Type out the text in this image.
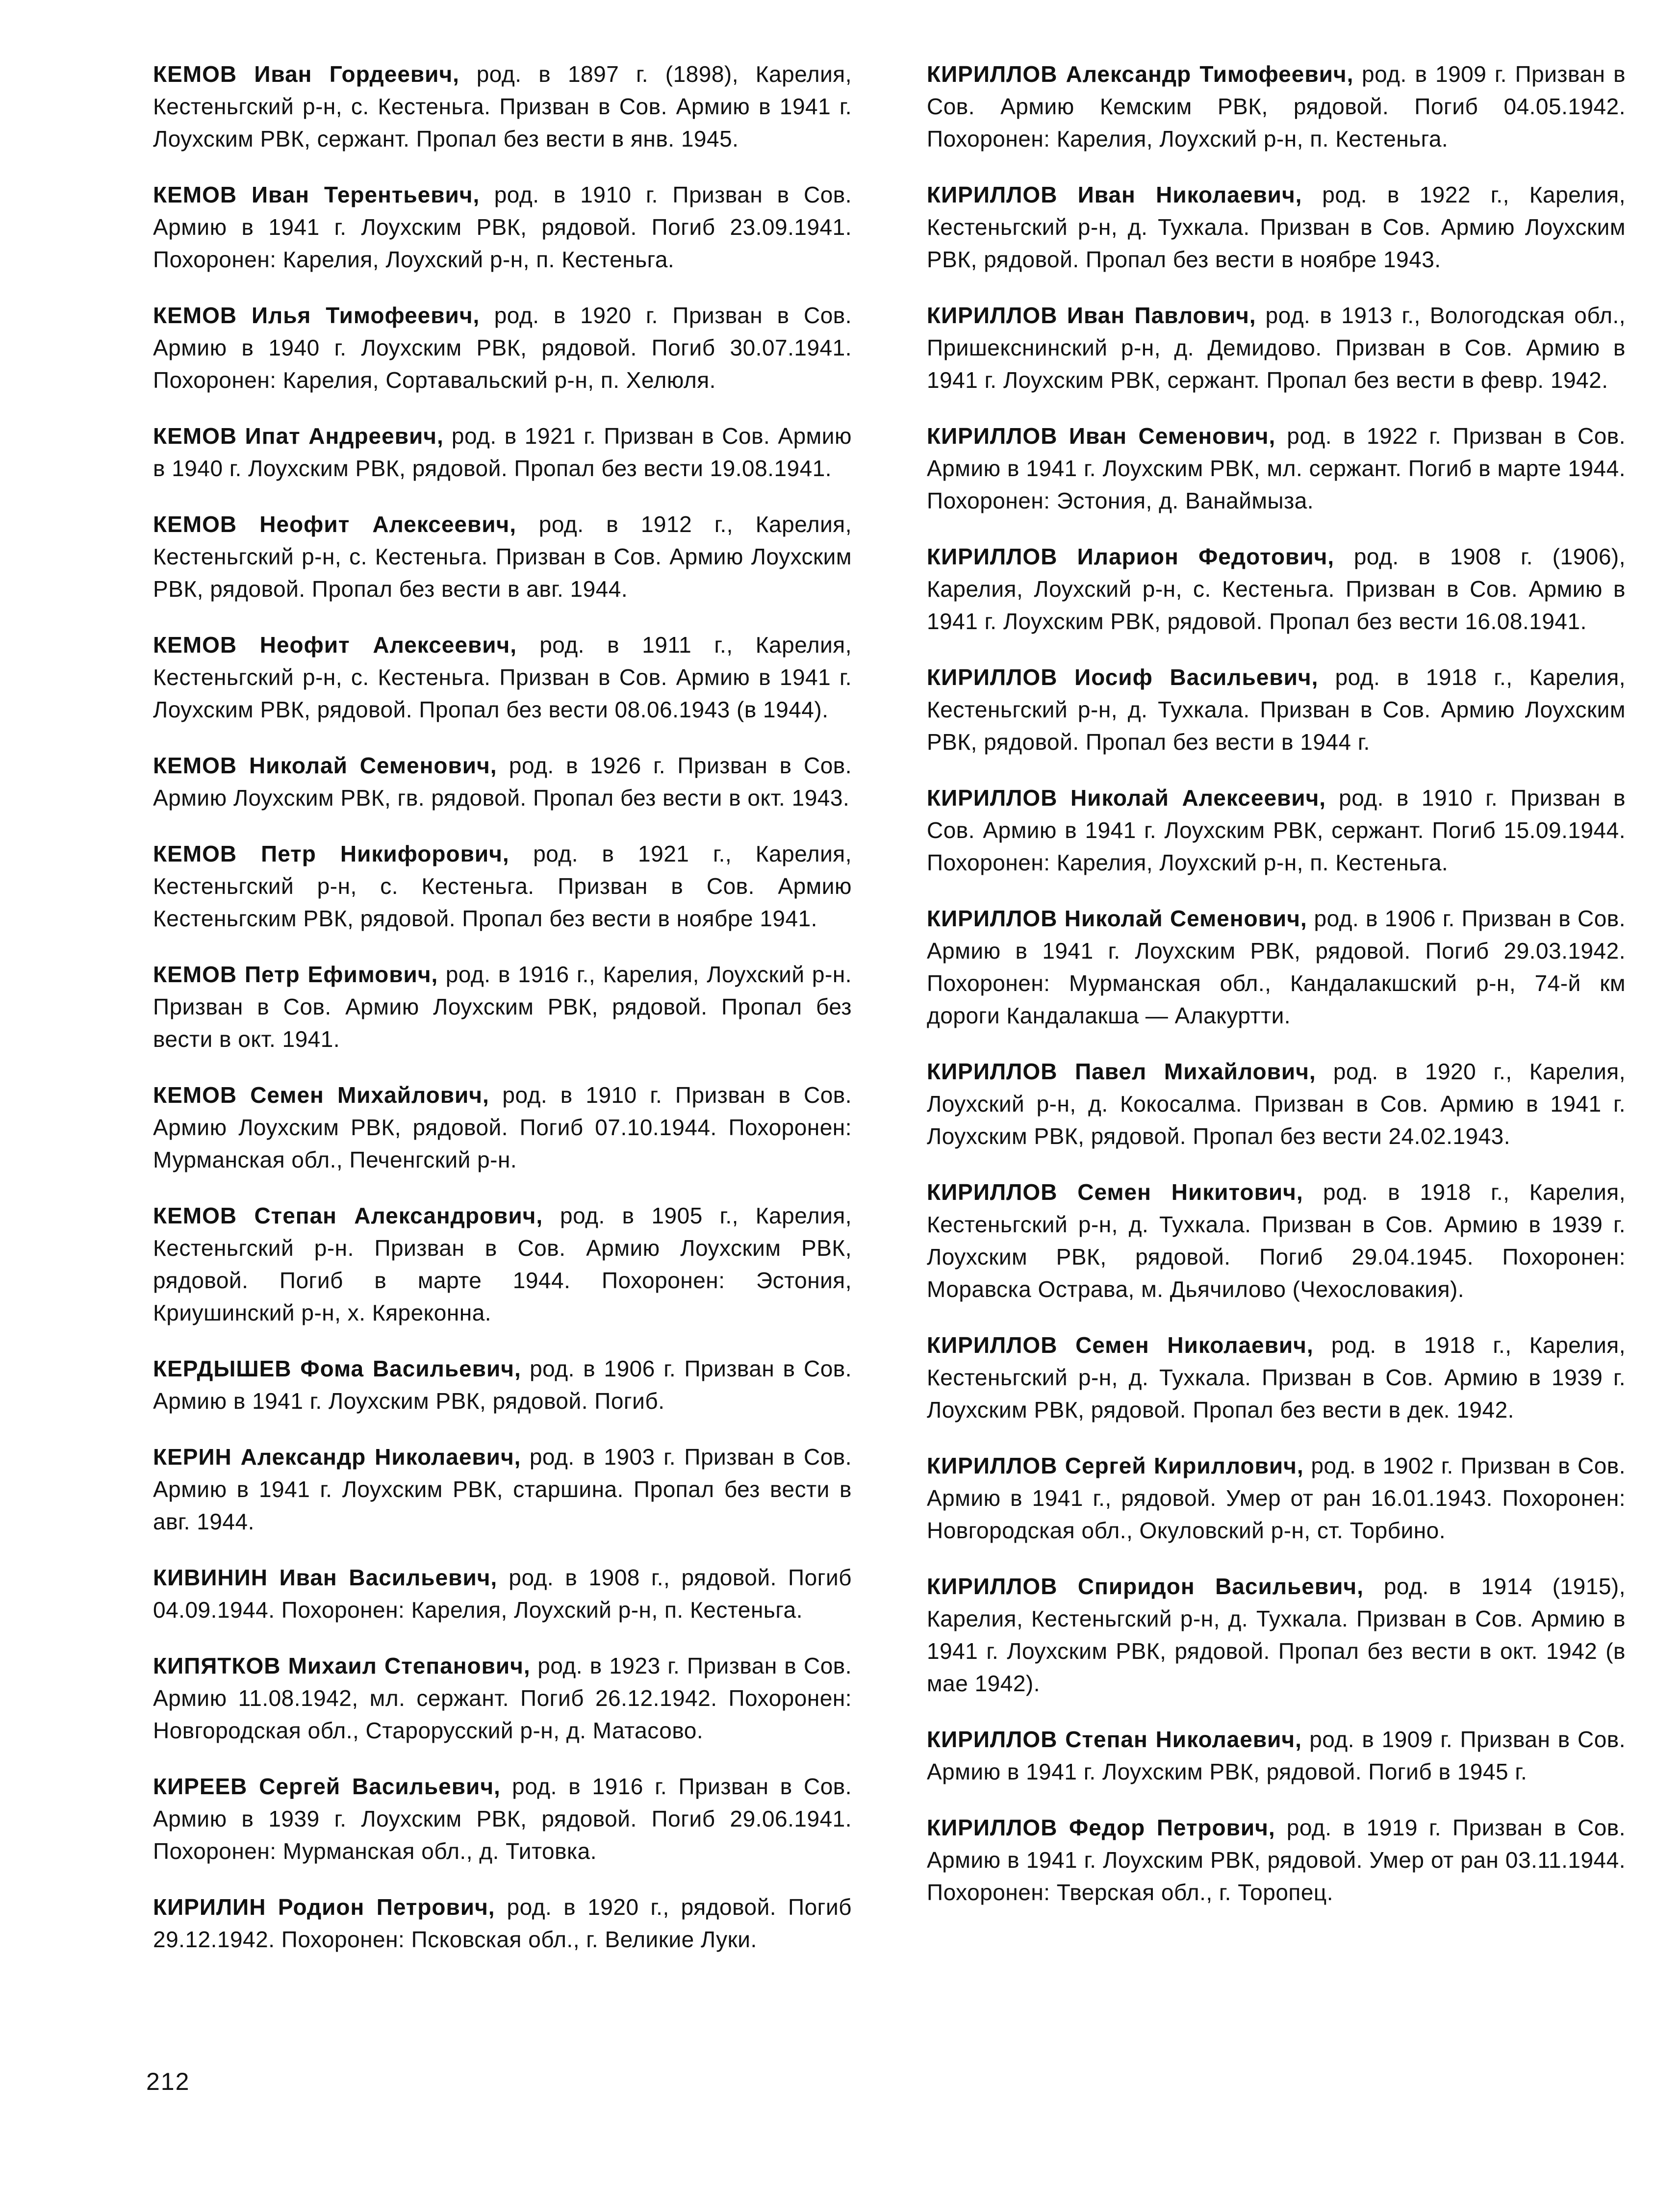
КЕМОВ Иван Гордеевич, род. в 1897 г. (1898), Карелия, Кестеньгский р-н, с. Кестеньга. Призван в Сов. Армию в 1941 г. Лоухским РВК, сержант. Пропал без вести в янв. 1945.

КЕМОВ Иван Терентьевич, род. в 1910 г. Призван в Сов. Армию в 1941 г. Лоухским РВК, рядовой. Погиб 23.09.1941. Похоронен: Карелия, Лоухский р-н, п. Кестеньга.

КЕМОВ Илья Тимофеевич, род. в 1920 г. Призван в Сов. Армию в 1940 г. Лоухским РВК, рядовой. Погиб 30.07.1941. Похоронен: Карелия, Сортавальский р-н, п. Хелюля.

КЕМОВ Ипат Андреевич, род. в 1921 г. Призван в Сов. Армию в 1940 г. Лоухским РВК, рядовой. Пропал без вести 19.08.1941.

КЕМОВ Неофит Алексеевич, род. в 1912 г., Карелия, Кестеньгский р-н, с. Кестеньга. Призван в Сов. Армию Лоухским РВК, рядовой. Пропал без вести в авг. 1944.

КЕМОВ Неофит Алексеевич, род. в 1911 г., Карелия, Кестеньгский р-н, с. Кестеньга. Призван в Сов. Армию в 1941 г. Лоухским РВК, рядовой. Пропал без вести 08.06.1943 (в 1944).

КЕМОВ Николай Семенович, род. в 1926 г. Призван в Сов. Армию Лоухским РВК, гв. рядовой. Пропал без вести в окт. 1943.

КЕМОВ Петр Никифорович, род. в 1921 г., Карелия, Кестеньгский р-н, с. Кестеньга. Призван в Сов. Армию Кестеньгским РВК, рядовой. Пропал без вести в ноябре 1941.

КЕМОВ Петр Ефимович, род. в 1916 г., Карелия, Лоухский р-н. Призван в Сов. Армию Лоухским РВК, рядовой. Пропал без вести в окт. 1941.

КЕМОВ Семен Михайлович, род. в 1910 г. Призван в Сов. Армию Лоухским РВК, рядовой. Погиб 07.10.1944. Похоронен: Мурманская обл., Печенгский р-н.

КЕМОВ Степан Александрович, род. в 1905 г., Карелия, Кестеньгский р-н. Призван в Сов. Армию Лоухским РВК, рядовой. Погиб в марте 1944. Похоронен: Эстония, Криушинский р-н, х. Кяреконна.

КЕРДЫШЕВ Фома Васильевич, род. в 1906 г. Призван в Сов. Армию в 1941 г. Лоухским РВК, рядовой. Погиб.

КЕРИН Александр Николаевич, род. в 1903 г. Призван в Сов. Армию в 1941 г. Лоухским РВК, старшина. Пропал без вести в авг. 1944.

КИВИНИН Иван Васильевич, род. в 1908 г., рядовой. Погиб 04.09.1944. Похоронен: Карелия, Лоухский р-н, п. Кестеньга.

КИПЯТКОВ Михаил Степанович, род. в 1923 г. Призван в Сов. Армию 11.08.1942, мл. сержант. Погиб 26.12.1942. Похоронен: Новгородская обл., Старорусский р-н, д. Матасово.

КИРЕЕВ Сергей Васильевич, род. в 1916 г. Призван в Сов. Армию в 1939 г. Лоухским РВК, рядовой. Погиб 29.06.1941. Похоронен: Мурманская обл., д. Титовка.

КИРИЛИН Родион Петрович, род. в 1920 г., рядовой. Погиб 29.12.1942. Похоронен: Псковская обл., г. Великие Луки.

КИРИЛЛОВ Александр Тимофеевич, род. в 1909 г. Призван в Сов. Армию Кемским РВК, рядовой. Погиб 04.05.1942. Похоронен: Карелия, Лоухский р-н, п. Кестеньга.

КИРИЛЛОВ Иван Николаевич, род. в 1922 г., Карелия, Кестеньгский р-н, д. Тухкала. Призван в Сов. Армию Лоухским РВК, рядовой. Пропал без вести в ноябре 1943.

КИРИЛЛОВ Иван Павлович, род. в 1913 г., Вологодская обл., Пришекснинский р-н, д. Демидово. Призван в Сов. Армию в 1941 г. Лоухским РВК, сержант. Пропал без вести в февр. 1942.

КИРИЛЛОВ Иван Семенович, род. в 1922 г. Призван в Сов. Армию в 1941 г. Лоухским РВК, мл. сержант. Погиб в марте 1944. Похоронен: Эстония, д. Ванаймыза.

КИРИЛЛОВ Иларион Федотович, род. в 1908 г. (1906), Карелия, Лоухский р-н, с. Кестеньга. Призван в Сов. Армию в 1941 г. Лоухским РВК, рядовой. Пропал без вести 16.08.1941.

КИРИЛЛОВ Иосиф Васильевич, род. в 1918 г., Карелия, Кестеньгский р-н, д. Тухкала. Призван в Сов. Армию Лоухским РВК, рядовой. Пропал без вести в 1944 г.

КИРИЛЛОВ Николай Алексеевич, род. в 1910 г. Призван в Сов. Армию в 1941 г. Лоухским РВК, сержант. Погиб 15.09.1944. Похоронен: Карелия, Лоухский р-н, п. Кестеньга.

КИРИЛЛОВ Николай Семенович, род. в 1906 г. Призван в Сов. Армию в 1941 г. Лоухским РВК, рядовой. Погиб 29.03.1942. Похоронен: Мурманская обл., Кандалакшский р-н, 74-й км дороги Кандалакша — Алакуртти.

КИРИЛЛОВ Павел Михайлович, род. в 1920 г., Карелия, Лоухский р-н, д. Кокосалма. Призван в Сов. Армию в 1941 г. Лоухским РВК, рядовой. Пропал без вести 24.02.1943.

КИРИЛЛОВ Семен Никитович, род. в 1918 г., Карелия, Кестеньгский р-н, д. Тухкала. Призван в Сов. Армию в 1939 г. Лоухским РВК, рядовой. Погиб 29.04.1945. Похоронен: Моравска Острава, м. Дьячилово (Чехословакия).

КИРИЛЛОВ Семен Николаевич, род. в 1918 г., Карелия, Кестеньгский р-н, д. Тухкала. Призван в Сов. Армию в 1939 г. Лоухским РВК, рядовой. Пропал без вести в дек. 1942.

КИРИЛЛОВ Сергей Кириллович, род. в 1902 г. Призван в Сов. Армию в 1941 г., рядовой. Умер от ран 16.01.1943. Похоронен: Новгородская обл., Окуловский р-н, ст. Торбино.

КИРИЛЛОВ Спиридон Васильевич, род. в 1914 (1915), Карелия, Кестеньгский р-н, д. Тухкала. Призван в Сов. Армию в 1941 г. Лоухским РВК, рядовой. Пропал без вести в окт. 1942 (в мае 1942).

КИРИЛЛОВ Степан Николаевич, род. в 1909 г. Призван в Сов. Армию в 1941 г. Лоухским РВК, рядовой. Погиб в 1945 г.

КИРИЛЛОВ Федор Петрович, род. в 1919 г. Призван в Сов. Армию в 1941 г. Лоухским РВК, рядовой. Умер от ран 03.11.1944. Похоронен: Тверская обл., г. Торопец.

212
